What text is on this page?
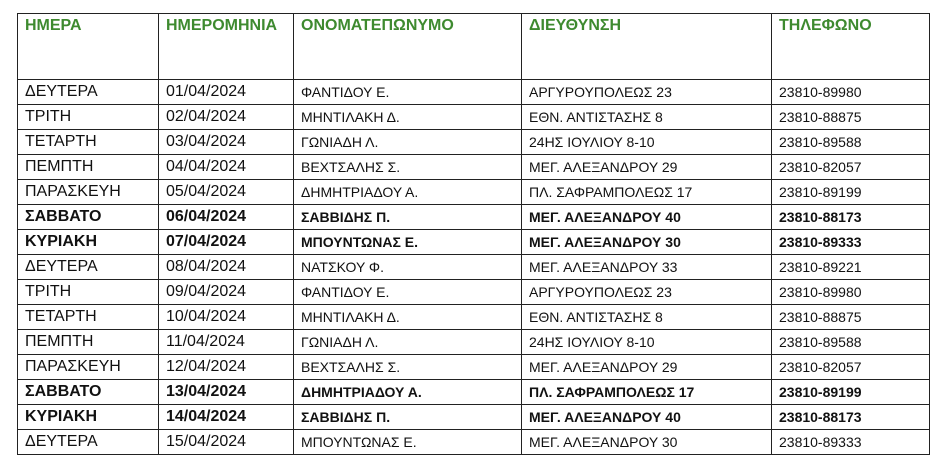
ΗΜΕΡΑ	ΗΜΕΡΟΜΗΝΙΑ	ΟΝΟΜΑΤΕΠΩΝΥΜΟ	ΔΙΕΥΘΥΝΣΗ	ΤΗΛΕΦΩΝΟ
ΔΕΥΤΕΡΑ	01/04/2024	ΦΑΝΤΙΔΟΥ Ε.	ΑΡΓΥΡΟΥΠΟΛΕΩΣ 23	23810-89980
ΤΡΙΤΗ	02/04/2024	ΜΗΝΤΙΛΑΚΗ Δ.	ΕΘΝ. ΑΝΤΙΣΤΑΣΗΣ 8	23810-88875
ΤΕΤΑΡΤΗ	03/04/2024	ΓΩΝΙΑΔΗ Λ.	24ΗΣ ΙΟΥΛΙΟΥ 8-10	23810-89588
ΠΕΜΠΤΗ	04/04/2024	ΒΕΧΤΣΑΛΗΣ Σ.	ΜΕΓ. ΑΛΕΞΑΝΔΡΟΥ 29	23810-82057
ΠΑΡΑΣΚΕΥΗ	05/04/2024	ΔΗΜΗΤΡΙΑΔΟΥ Α.	ΠΛ. ΣΑΦΡΑΜΠΟΛΕΩΣ 17	23810-89199
ΣΑΒΒΑΤΟ	06/04/2024	ΣΑΒΒΙΔΗΣ Π.	ΜΕΓ. ΑΛΕΞΑΝΔΡΟΥ 40	23810-88173
ΚΥΡΙΑΚΗ	07/04/2024	ΜΠΟΥΝΤΩΝΑΣ Ε.	ΜΕΓ. ΑΛΕΞΑΝΔΡΟΥ 30	23810-89333
ΔΕΥΤΕΡΑ	08/04/2024	ΝΑΤΣΚΟΥ Φ.	ΜΕΓ. ΑΛΕΞΑΝΔΡΟΥ 33	23810-89221
ΤΡΙΤΗ	09/04/2024	ΦΑΝΤΙΔΟΥ Ε.	ΑΡΓΥΡΟΥΠΟΛΕΩΣ 23	23810-89980
ΤΕΤΑΡΤΗ	10/04/2024	ΜΗΝΤΙΛΑΚΗ Δ.	ΕΘΝ. ΑΝΤΙΣΤΑΣΗΣ 8	23810-88875
ΠΕΜΠΤΗ	11/04/2024	ΓΩΝΙΑΔΗ Λ.	24ΗΣ ΙΟΥΛΙΟΥ 8-10	23810-89588
ΠΑΡΑΣΚΕΥΗ	12/04/2024	ΒΕΧΤΣΑΛΗΣ Σ.	ΜΕΓ. ΑΛΕΞΑΝΔΡΟΥ 29	23810-82057
ΣΑΒΒΑΤΟ	13/04/2024	ΔΗΜΗΤΡΙΑΔΟΥ Α.	ΠΛ. ΣΑΦΡΑΜΠΟΛΕΩΣ 17	23810-89199
ΚΥΡΙΑΚΗ	14/04/2024	ΣΑΒΒΙΔΗΣ Π.	ΜΕΓ. ΑΛΕΞΑΝΔΡΟΥ 40	23810-88173
ΔΕΥΤΕΡΑ	15/04/2024	ΜΠΟΥΝΤΩΝΑΣ Ε.	ΜΕΓ. ΑΛΕΞΑΝΔΡΟΥ 30	23810-89333
